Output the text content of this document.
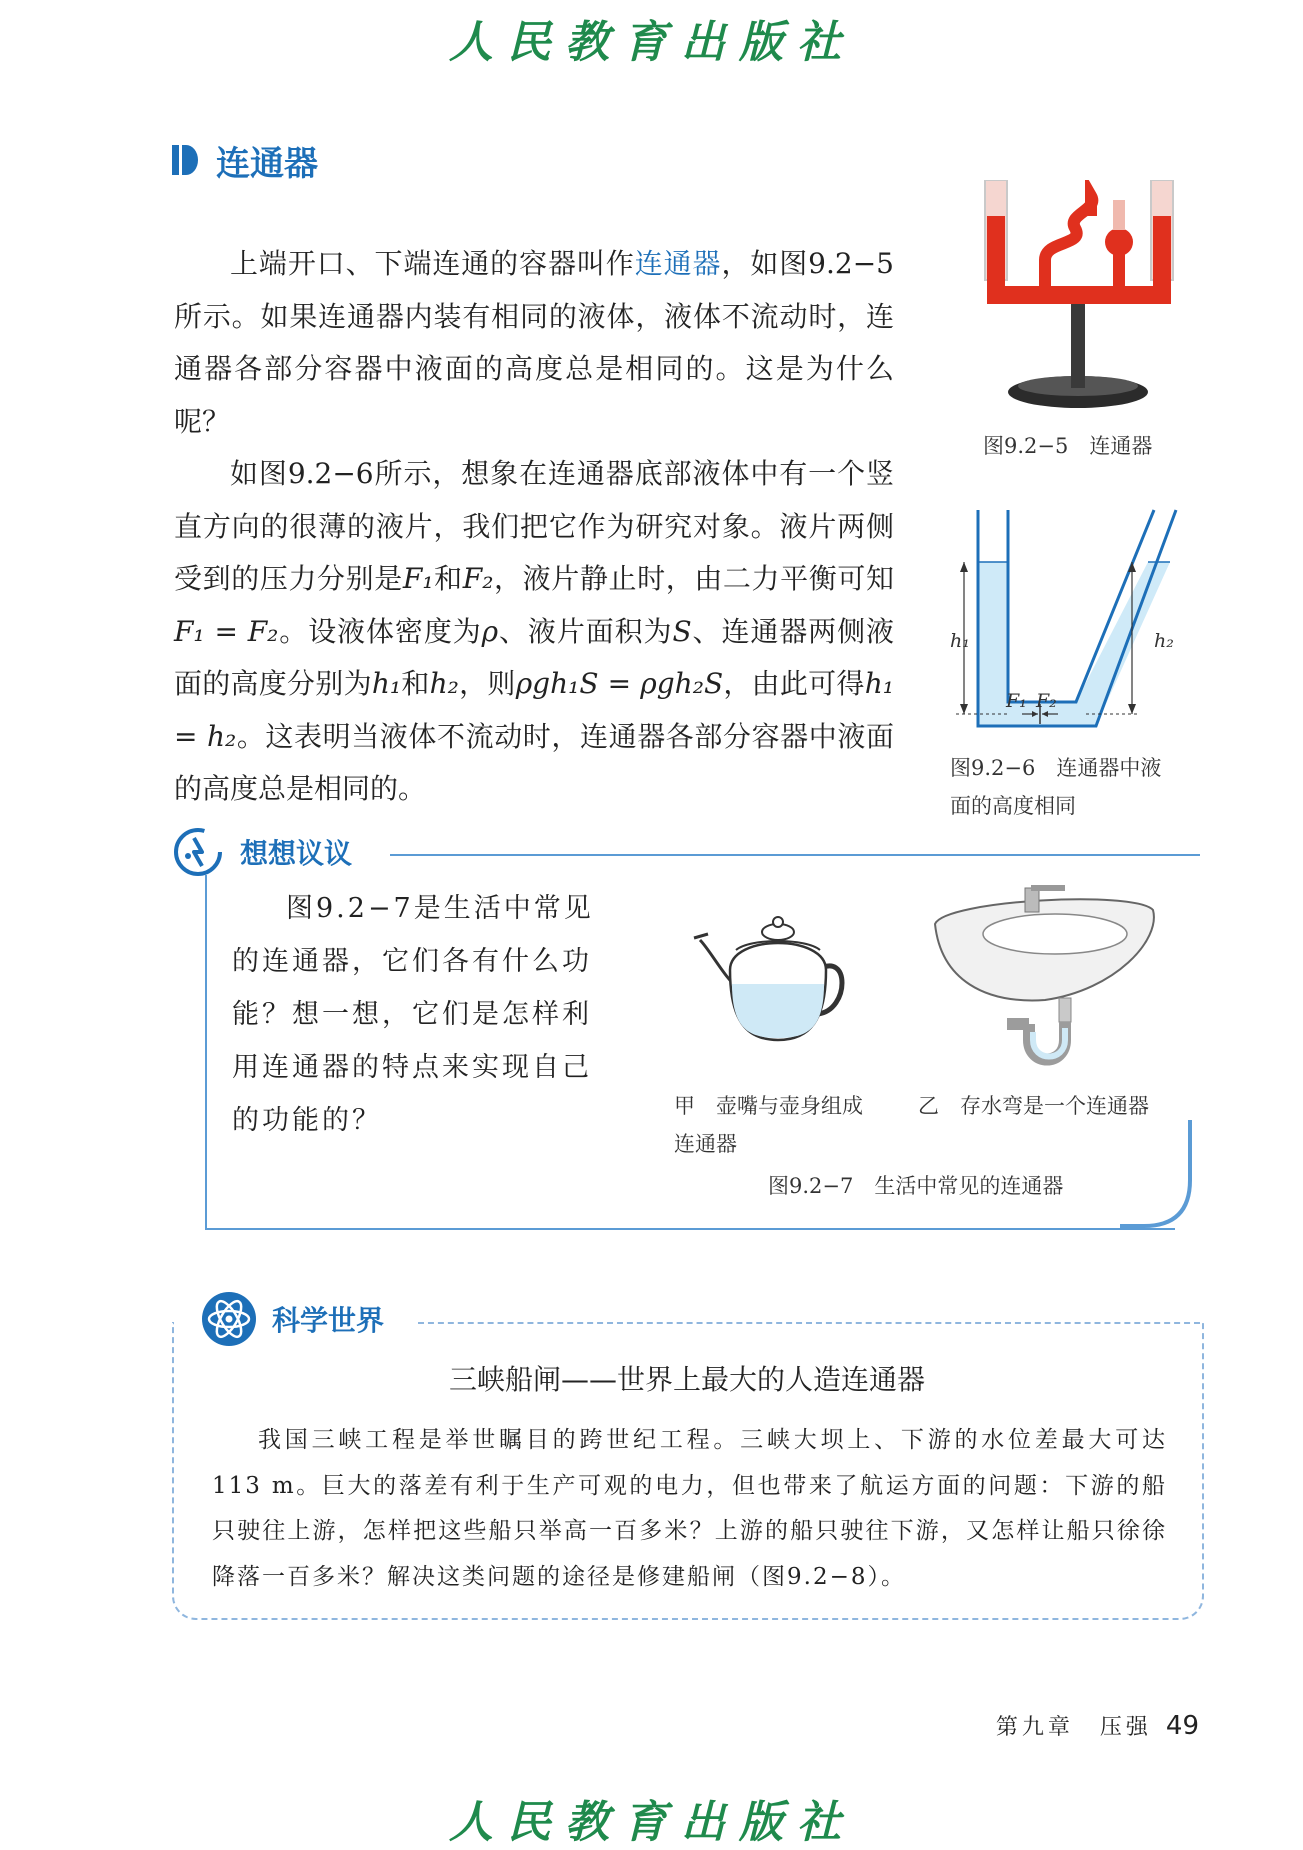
人民教育出版社
连通器

上端开口、下端连通的容器叫作连通器，如图9.2−5所示。如果连通器内装有相同的液体，液体不流动时，连通器各部分容器中液面的高度总是相同的。这是为什么呢？

如图9.2−6所示，想象在连通器底部液体中有一个竖直方向的很薄的液片，我们把它作为研究对象。液片两侧受到的压力分别是F₁和F₂，液片静止时，由二力平衡可知F₁ = F₂。设液体密度为ρ、液片面积为S、连通器两侧液面的高度分别为h₁和h₂，则ρgh₁S = ρgh₂S，由此可得h₁ = h₂。这表明当液体不流动时，连通器各部分容器中液面的高度总是相同的。

图9.2−5　连通器
h₁	h₂
F₁ F₂
图9.2−6　连通器中液
面的高度相同
想想议议

图9.2−7是生活中常见的连通器，它们各有什么功能？想一想，它们是怎样利用连通器的特点来实现自己的功能的？	甲　壶嘴与壶身组成
连通器
乙　存水弯是一个连通器
图9.2−7　生活中常见的连通器
科学世界
三峡船闸——世界上最大的人造连通器

我国三峡工程是举世瞩目的跨世纪工程。三峡大坝上、下游的水位差最大可达 113 m。巨大的落差有利于生产可观的电力，但也带来了航运方面的问题：下游的船只驶往上游，怎样把这些船只举高一百多米？上游的船只驶往下游，又怎样让船只徐徐降落一百多米？解决这类问题的途径是修建船闸（图9.2−8）。

第九章　压强 49
人民教育出版社
